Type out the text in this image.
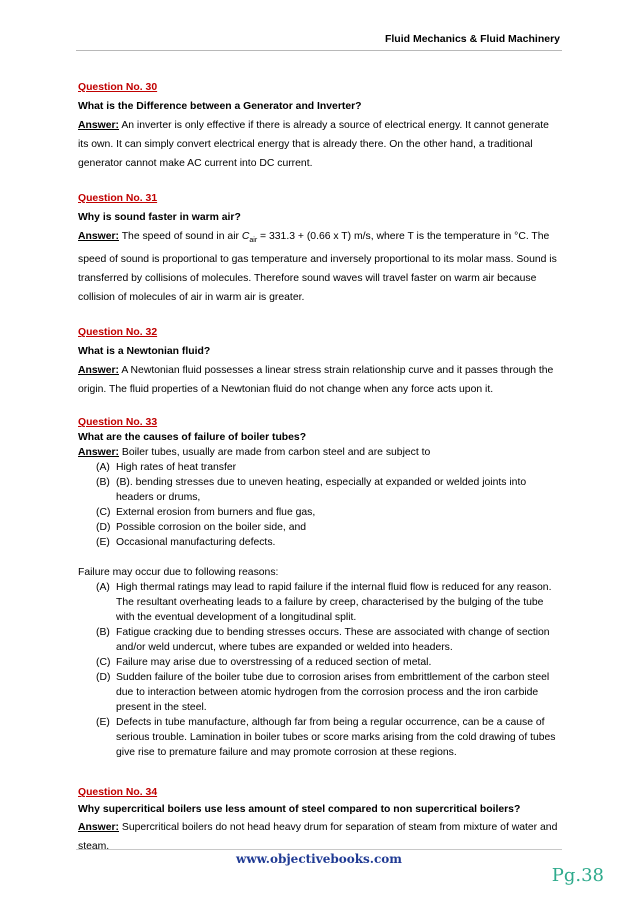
Fluid Mechanics & Fluid Machinery

Question No. 30

What is the Difference between a Generator and Inverter?

Answer: An inverter is only effective if there is already a source of electrical energy. It cannot generate its own. It can simply convert electrical energy that is already there. On the other hand, a traditional generator cannot make AC current into DC current.

Question No. 31

Why is sound faster in warm air?

Answer: The speed of sound in air $C_{air} = 331.3 + (0.66$ x T) m/s, where T is the temperature in °C. The speed of sound is proportional to gas temperature and inversely proportional to its molar mass. Sound is transferred by collisions of molecules. Therefore sound waves will travel faster on warm air because collision of molecules of air in warm air is greater.

Question No. 32

What is a Newtonian fluid?

Answer: A Newtonian fluid possesses a linear stress strain relationship curve and it passes through the origin. The fluid properties of a Newtonian fluid do not change when any force acts upon it.

Question No. 33

What are the causes of failure of boiler tubes?

Answer: Boiler tubes, usually are made from carbon steel and are subject to

(A) High rates of heat transfer
(B) (B). bending stresses due to uneven heating, especially at expanded or welded joints into headers or drums,
(C) External erosion from burners and flue gas,
(D) Possible corrosion on the boiler side, and
(E) Occasional manufacturing defects.

Failure may occur due to following reasons:

(A) High thermal ratings may lead to rapid failure if the internal fluid flow is reduced for any reason. The resultant overheating leads to a failure by creep, characterised by the bulging of the tube with the eventual development of a longitudinal split.
(B) Fatigue cracking due to bending stresses occurs. These are associated with change of section and/or weld undercut, where tubes are expanded or welded into headers.
(C) Failure may arise due to overstressing of a reduced section of metal.
(D) Sudden failure of the boiler tube due to corrosion arises from embrittlement of the carbon steel due to interaction between atomic hydrogen from the corrosion process and the iron carbide present in the steel.
(E) Defects in tube manufacture, although far from being a regular occurrence, can be a cause of serious trouble. Lamination in boiler tubes or score marks arising from the cold drawing of tubes give rise to premature failure and may promote corrosion at these regions.

Question No. 34

Why supercritical boilers use less amount of steel compared to non supercritical boilers?

Answer: Supercritical boilers do not head heavy drum for separation of steam from mixture of water and steam.

www.objectivebooks.com
Pg.38
